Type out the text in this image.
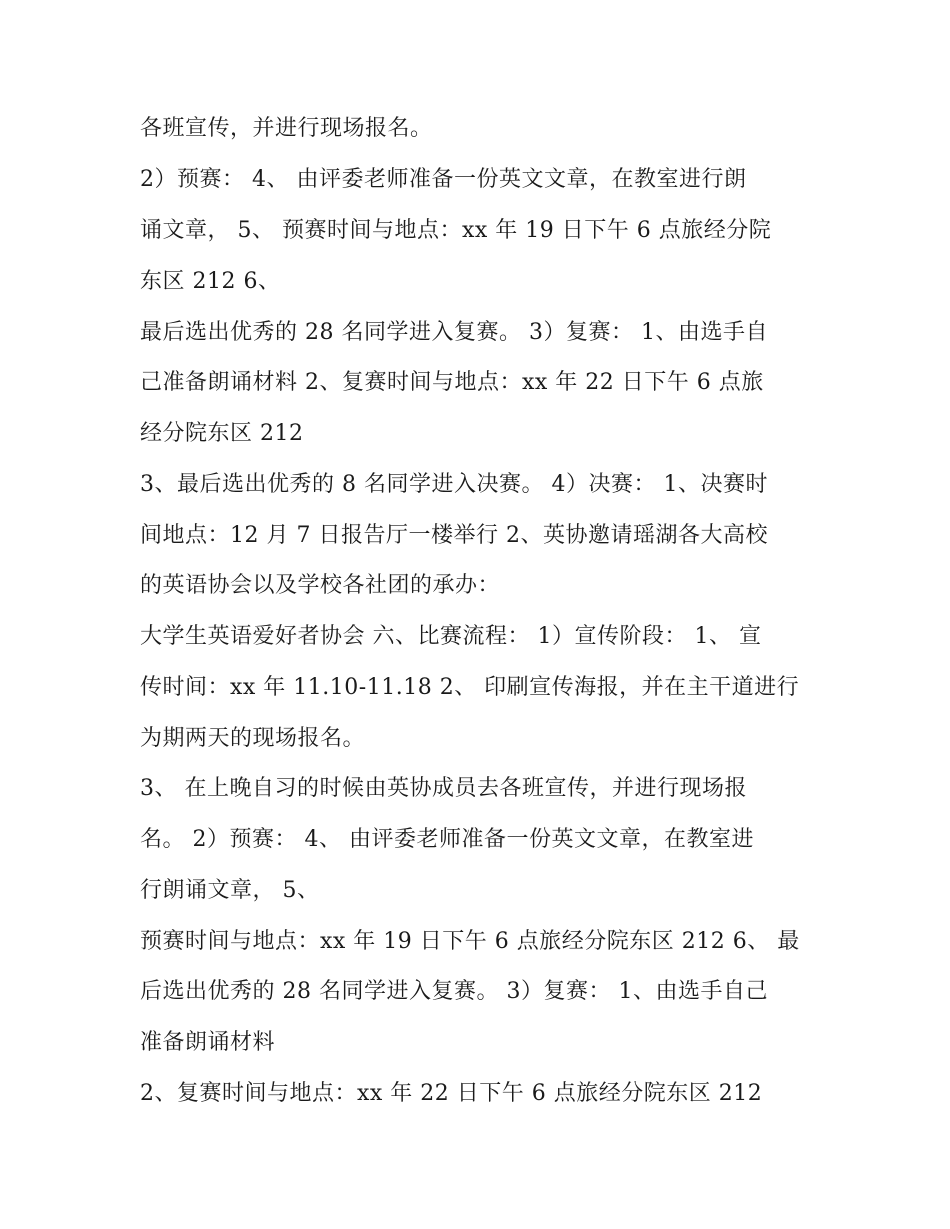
各班宣传，并进行现场报名。

2）预赛： 4、 由评委老师准备一份英文文章，在教室进行朗

诵文章， 5、 预赛时间与地点：xx 年 19 日下午 6 点旅经分院

东区 212 6、

最后选出优秀的 28 名同学进入复赛。 3）复赛： 1、由选手自

己准备朗诵材料 2、复赛时间与地点：xx 年 22 日下午 6 点旅

经分院东区 212

3、最后选出优秀的 8 名同学进入决赛。 4）决赛： 1、决赛时

间地点：12 月 7 日报告厅一楼举行 2、英协邀请瑶湖各大高校

的英语协会以及学校各社团的承办：

大学生英语爱好者协会 六、比赛流程： 1）宣传阶段： 1、 宣

传时间：xx 年 11.10-11.18 2、 印刷宣传海报，并在主干道进行

为期两天的现场报名。

3、 在上晚自习的时候由英协成员去各班宣传，并进行现场报

名。 2）预赛： 4、 由评委老师准备一份英文文章，在教室进

行朗诵文章， 5、

预赛时间与地点：xx 年 19 日下午 6 点旅经分院东区 212 6、 最

后选出优秀的 28 名同学进入复赛。 3）复赛： 1、由选手自己

准备朗诵材料

2、复赛时间与地点：xx 年 22 日下午 6 点旅经分院东区 212
